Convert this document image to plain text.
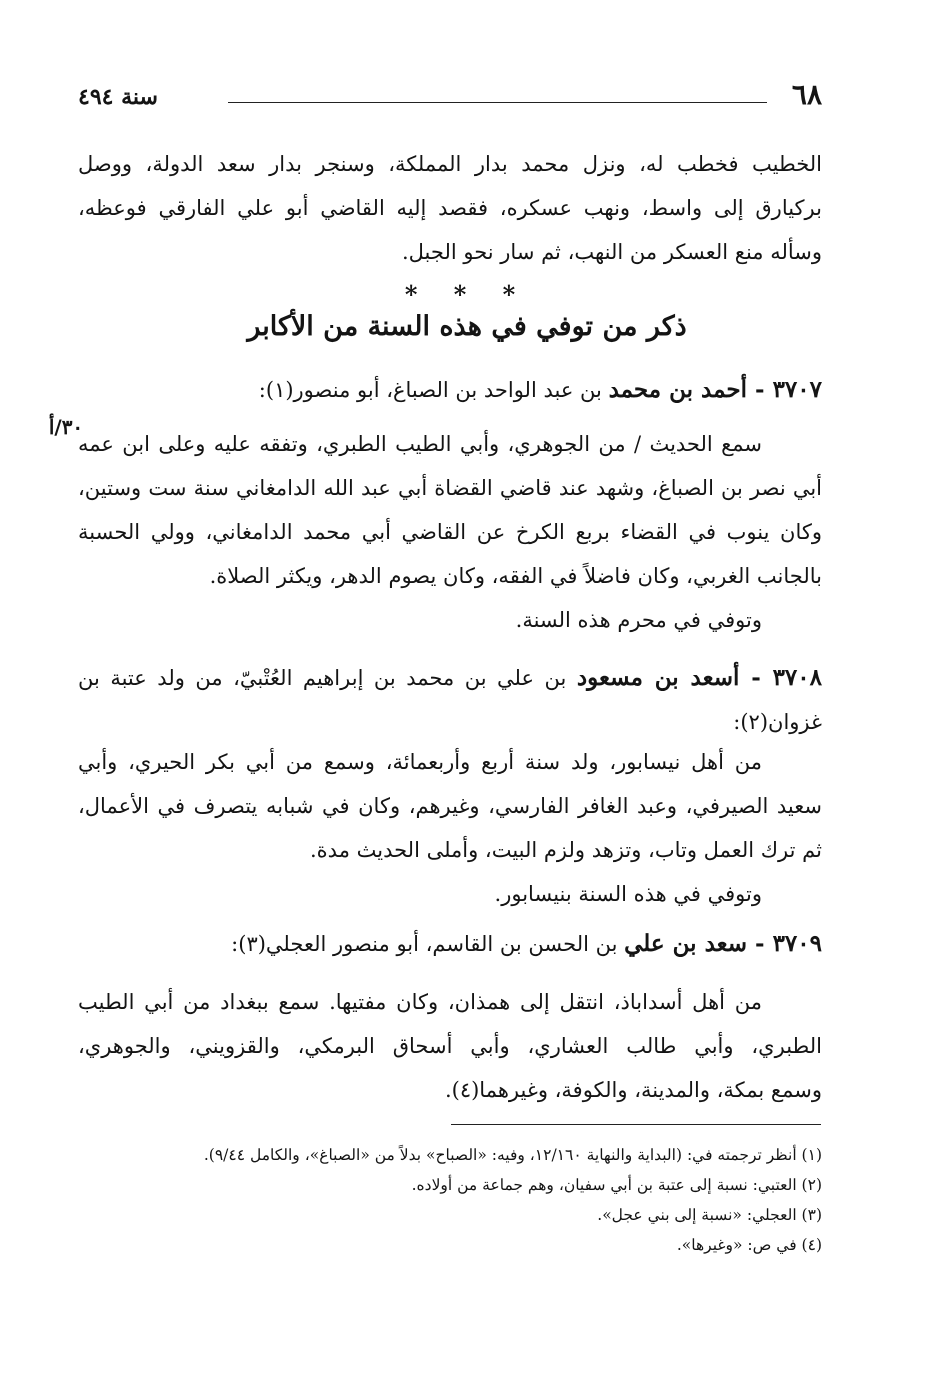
سنة ٤٩٤	٦٨

الخطيب فخطب له، ونزل محمد بدار المملكة، وسنجر بدار سعد الدولة، ووصل

بركيارق إلى واسط، ونهب عسكره، فقصد إليه القاضي أبو علي الفارقي فوعظه،

وسأله منع العسكر من النهب، ثم سار نحو الجبل.

* * *
ذكر من توفي في هذه السنة من الأكابر

٣٧٠٧ - أحمد بن محمد بن عبد الواحد بن الصباغ، أبو منصور(١):

٣٠/أ

سمع الحديث / من الجوهري، وأبي الطيب الطبري، وتفقه عليه وعلى ابن عمه

أبي نصر بن الصباغ، وشهد عند قاضي القضاة أبي عبد الله الدامغاني سنة ست وستين،

وكان ينوب في القضاء بربع الكرخ عن القاضي أبي محمد الدامغاني، وولي الحسبة

بالجانب الغربي، وكان فاضلاً في الفقه، وكان يصوم الدهر، ويكثر الصلاة.

وتوفي في محرم هذه السنة.

٣٧٠٨ - أسعد بن مسعود بن علي بن محمد بن إبراهيم العُتْبيّ، من ولد عتبة بن

غزوان(٢):

من أهل نيسابور، ولد سنة أربع وأربعمائة، وسمع من أبي بكر الحيري، وأبي

سعيد الصيرفي، وعبد الغافر الفارسي، وغيرهم، وكان في شبابه يتصرف في الأعمال،

ثم ترك العمل وتاب، وتزهد ولزم البيت، وأملى الحديث مدة.

وتوفي في هذه السنة بنيسابور.

٣٧٠٩ - سعد بن علي بن الحسن بن القاسم، أبو منصور العجلي(٣):

من أهل أسداباذ، انتقل إلى همذان، وكان مفتيها. سمع ببغداد من أبي الطيب

الطبري، وأبي طالب العشاري، وأبي أسحاق البرمكي، والقزويني، والجوهري،

وسمع بمكة، والمدينة، والكوفة، وغيرهما(٤).

(١) أنظر ترجمته في: (البداية والنهاية ١٢/١٦٠، وفيه: «الصباح» بدلاً من «الصباغ»، والكامل ٩/٤٤).

(٢) العتبي: نسبة إلى عتبة بن أبي سفيان، وهم جماعة من أولاده.

(٣) العجلي: «نسبة إلى بني عجل».

(٤) في ص: «وغيرها».
